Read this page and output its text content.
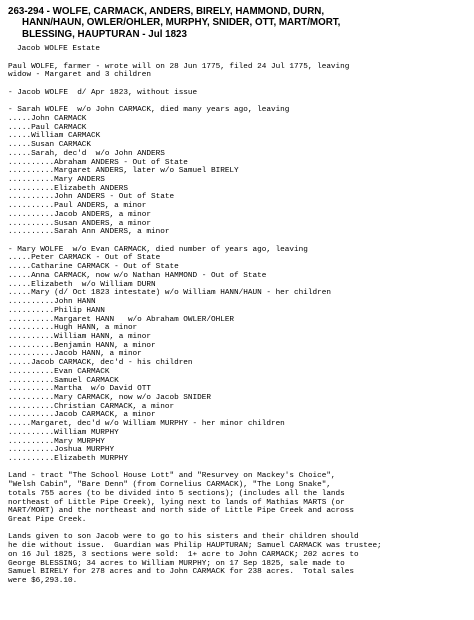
263-294 - WOLFE, CARMACK, ANDERS, BIRELY, HAMMOND, DURN,
HANN/HAUN, OWLER/OHLER, MURPHY, SNIDER, OTT, MART/MORT,
BLESSING, HAUPTURAN - Jul 1823
Jacob WOLFE Estate
Paul WOLFE, farmer - wrote will on 28 Jun 1775, filed 24 Jul 1775, leaving
widow - Margaret and 3 children
- Jacob WOLFE  d/ Apr 1823, without issue
- Sarah WOLFE  w/o John CARMACK, died many years ago, leaving
.....John CARMACK
.....Paul CARMACK
.....William CARMACK
.....Susan CARMACK
.....Sarah, dec'd  w/o John ANDERS
..........Abraham ANDERS - Out of State
..........Margaret ANDERS, later w/o Samuel BIRELY
..........Mary ANDERS
..........Elizabeth ANDERS
..........John ANDERS - Out of State
..........Paul ANDERS, a minor
..........Jacob ANDERS, a minor
..........Susan ANDERS, a minor
..........Sarah Ann ANDERS, a minor
- Mary WOLFE  w/o Evan CARMACK, died number of years ago, leaving
.....Peter CARMACK - Out of State
.....Catharine CARMACK - Out of State
.....Anna CARMACK, now w/o Nathan HAMMOND - Out of State
.....Elizabeth  w/o William DURN
.....Mary (d/ Oct 1823 intestate) w/o William HANN/HAUN - her children
..........John HANN
..........Philip HANN
..........Margaret HANN   w/o Abraham OWLER/OHLER
..........Hugh HANN, a minor
..........William HANN, a minor
..........Benjamin HANN, a minor
..........Jacob HANN, a minor
.....Jacob CARMACK, dec'd - his children
..........Evan CARMACK
..........Samuel CARMACK
..........Martha  w/o David OTT
..........Mary CARMACK, now w/o Jacob SNIDER
..........Christian CARMACK, a minor
..........Jacob CARMACK, a minor
.....Margaret, dec'd w/o William MURPHY - her minor children
..........William MURPHY
..........Mary MURPHY
..........Joshua MURPHY
..........Elizabeth MURPHY
Land - tract "The School House Lott" and "Resurvey on Mackey's Choice",
"Welsh Cabin", "Bare Denn" (from Cornelius CARMACK), "The Long Snake",
totals 755 acres (to be divided into 5 sections); (includes all the lands
northeast of Little Pipe Creek), lying next to lands of Mathias MARTS (or
MART/MORT) and the northeast and north side of Little Pipe Creek and across
Great Pipe Creek.
Lands given to son Jacob were to go to his sisters and their children should
he die without issue.  Guardian was Philip HAUPTURAN; Samuel CARMACK was trustee;
on 16 Jul 1825, 3 sections were sold:  1+ acre to John CARMACK; 202 acres to
George BLESSING; 34 acres to William MURPHY; on 17 Sep 1825, sale made to
Samuel BIRELY for 278 acres and to John CARMACK for 238 acres.  Total sales
were $6,293.10.
